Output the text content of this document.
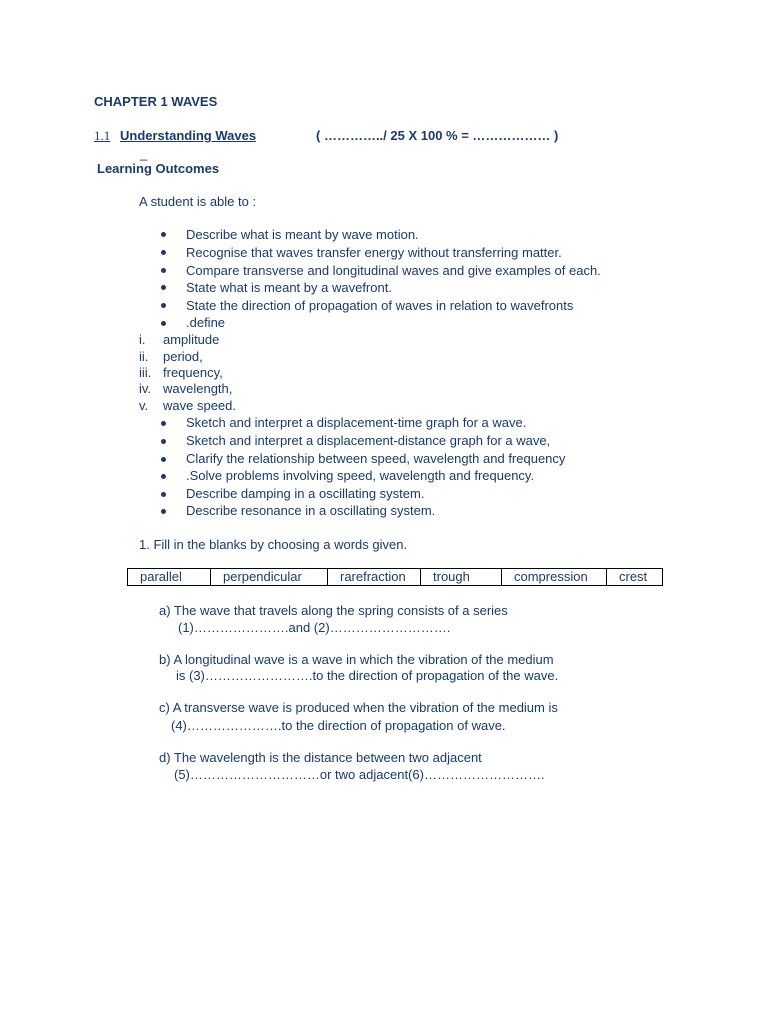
CHAPTER 1 WAVES
1.1 Understanding Waves	( …………../ 25 X 100 % = ……………… )
_
Learning Outcomes
A student is able to :
Describe what is meant by wave motion.
Recognise that waves transfer energy without transferring matter.
Compare transverse and longitudinal waves and give examples of each.
State what is meant by a wavefront.
State the direction of propagation of waves in relation to wavefronts
.define
i. amplitude
ii. period,
iii. frequency,
iv. wavelength,
v. wave speed.
Sketch and interpret a displacement-time graph for a wave.
Sketch and interpret a displacement-distance graph for a wave,
Clarify the relationship between speed, wavelength and frequency
.Solve problems involving speed, wavelength and frequency.
Describe damping in a oscillating system.
Describe resonance in a oscillating system.
1. Fill in the blanks by choosing a words given.
parallel	perpendicular	rarefraction	trough	compression	crest
a) The wave that travels along the spring consists of a series
(1)………………….and (2)……………………….
b) A longitudinal wave is a wave in which the vibration of the medium
is (3)…………………….to the direction of propagation of the wave.
c) A transverse wave is produced when the vibration of the medium is
(4)………………….to the direction of propagation of wave.
d) The wavelength is the distance between two adjacent
(5)…………………………or two adjacent(6)……………………….
